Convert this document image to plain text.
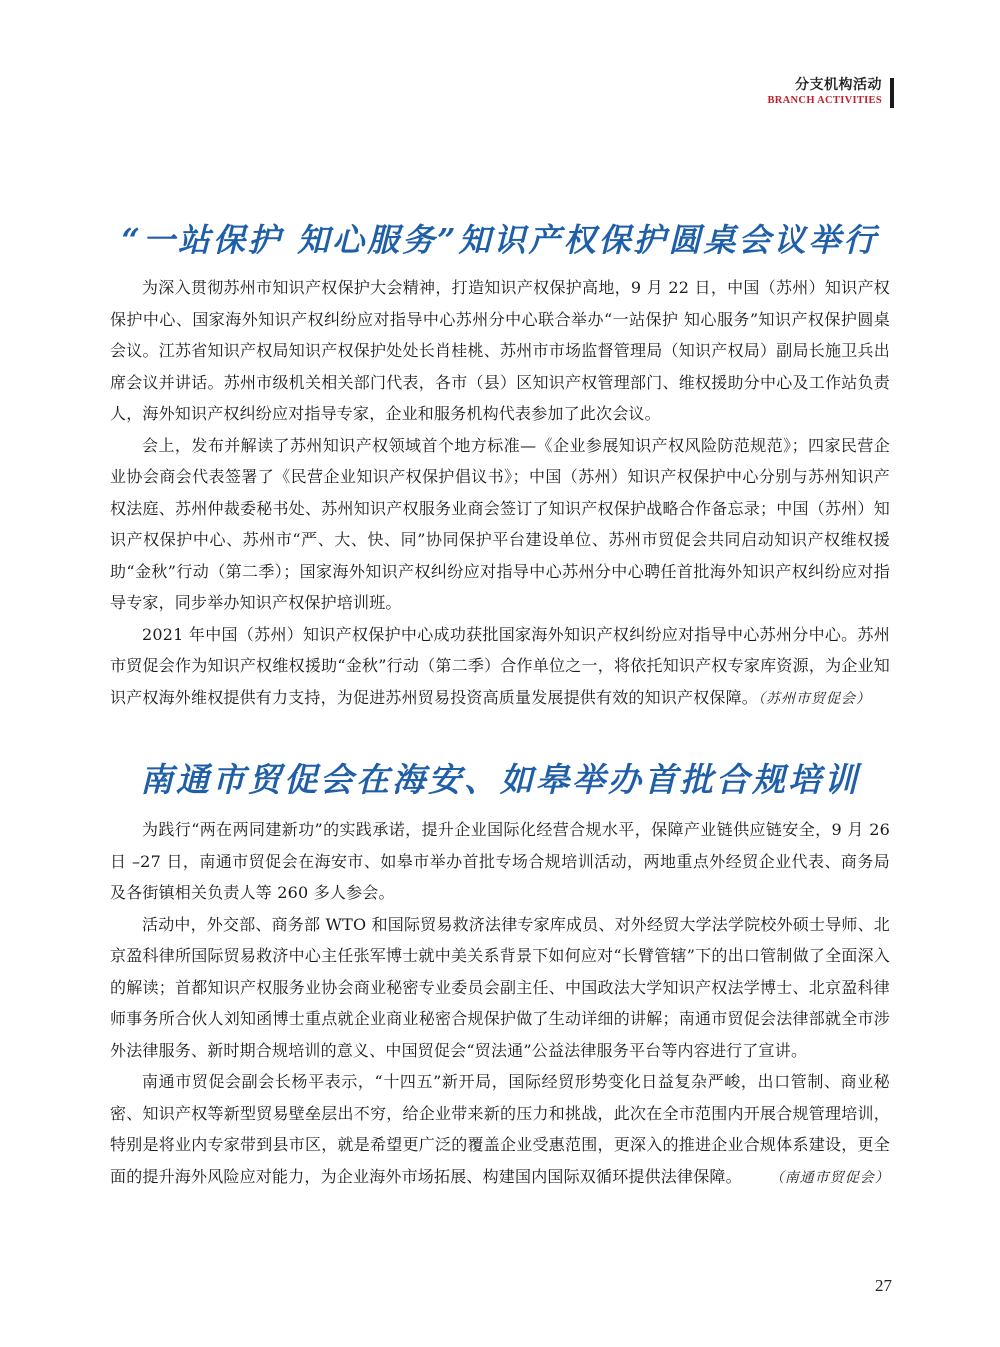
分支机构活动
BRANCH ACTIVITIES
“一站保护 知心服务”知识产权保护圆桌会议举行

为深入贯彻苏州市知识产权保护大会精神，打造知识产权保护高地，9 月 22 日，中国（苏州）知识产权保护中心、国家海外知识产权纠纷应对指导中心苏州分中心联合举办“一站保护 知心服务”知识产权保护圆桌会议。江苏省知识产权局知识产权保护处处长肖桂桃、苏州市市场监督管理局（知识产权局）副局长施卫兵出席会议并讲话。苏州市级机关相关部门代表，各市（县）区知识产权管理部门、维权援助分中心及工作站负责人，海外知识产权纠纷应对指导专家，企业和服务机构代表参加了此次会议。

会上，发布并解读了苏州知识产权领域首个地方标准—《企业参展知识产权风险防范规范》；四家民营企业协会商会代表签署了《民营企业知识产权保护倡议书》；中国（苏州）知识产权保护中心分别与苏州知识产权法庭、苏州仲裁委秘书处、苏州知识产权服务业商会签订了知识产权保护战略合作备忘录；中国（苏州）知识产权保护中心、苏州市“严、大、快、同”协同保护平台建设单位、苏州市贸促会共同启动知识产权维权援助“金秋”行动（第二季）；国家海外知识产权纠纷应对指导中心苏州分中心聘任首批海外知识产权纠纷应对指导专家，同步举办知识产权保护培训班。

2021 年中国（苏州）知识产权保护中心成功获批国家海外知识产权纠纷应对指导中心苏州分中心。苏州市贸促会作为知识产权维权援助“金秋”行动（第二季）合作单位之一，将依托知识产权专家库资源，为企业知识产权海外维权提供有力支持，为促进苏州贸易投资高质量发展提供有效的知识产权保障。（苏州市贸促会）

南通市贸促会在海安、如皋举办首批合规培训

为践行“两在两同建新功”的实践承诺，提升企业国际化经营合规水平，保障产业链供应链安全，9 月 26 日 –27 日，南通市贸促会在海安市、如皋市举办首批专场合规培训活动，两地重点外经贸企业代表、商务局及各街镇相关负责人等 260 多人参会。

活动中，外交部、商务部 WTO 和国际贸易救济法律专家库成员、对外经贸大学法学院校外硕士导师、北京盈科律所国际贸易救济中心主任张军博士就中美关系背景下如何应对“长臂管辖”下的出口管制做了全面深入的解读；首都知识产权服务业协会商业秘密专业委员会副主任、中国政法大学知识产权法学博士、北京盈科律师事务所合伙人刘知函博士重点就企业商业秘密合规保护做了生动详细的讲解；南通市贸促会法律部就全市涉外法律服务、新时期合规培训的意义、中国贸促会“贸法通”公益法律服务平台等内容进行了宣讲。

南通市贸促会副会长杨平表示，“十四五”新开局，国际经贸形势变化日益复杂严峻，出口管制、商业秘密、知识产权等新型贸易壁垒层出不穷，给企业带来新的压力和挑战，此次在全市范围内开展合规管理培训，特别是将业内专家带到县市区，就是希望更广泛的覆盖企业受惠范围，更深入的推进企业合规体系建设，更全面的提升海外风险应对能力，为企业海外市场拓展、构建国内国际双循环提供法律保障。 （南通市贸促会）

27
